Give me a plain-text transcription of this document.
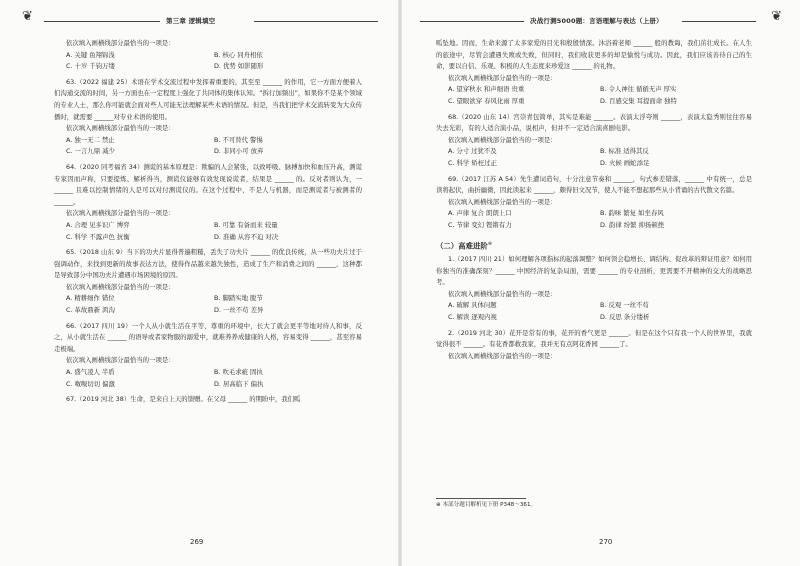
第三章 逻辑填空
❦

依次填入画横线部分最恰当的一项是：

A. 关键 鱼翔锦浅	B. 核心 同舟相依
C. 十岁 千钧万缕	D. 优势 如影随形

63.（2022 福建 25）术语在学术交流过程中发挥着重要的，其至至 ______ 的作用，它一方面方便着人们沟通交流的时间，另一方面也在一定程度上强化了共同体的集体认知。“拆行加频出”，如果你不是某个领域的专业人士，那么你可能就会面对些人可能无法理解某些术语的情况。但是，当我们把学术交流转变为大众传播时，就需要 ______对专业术语的使用。

依次填入画横线部分最恰当的一项是：

A. 独一无二 禁止	B. 不可替代 警惕
C. 一言九鼎 减少	D. 非同小可 放弃

64.（2020 同考福省 34）测谎的基本原理是：欺骗的人会紧张，以致呼吸、脉搏加快和血压升高，测谎专家因而声称，只要提炼、解析得当，测谎仪能够有效发现说谎者，结果是 ______ 的。反对者则认为，一 ______ 且难以控制情绪的人是可以对付测谎仪的。在这个过程中，不是人与机器，而是测谎者与被测者的 ______。

依次填入画横线部分最恰当的一项是：

A. 合理 见多识广 博弈	B. 可靠 有备而来 较量
C. 科学 不露声色 抗衡	D. 准确 从容不迫 对决

65.（2018 山东 9）当下的功夫片显得普遍粗糙，丢失了功夫片 ______ 的优良传统，从一些功夫片过于强调动作，来找到更新的故事表达方法，使得作品越来越失独性，造成了生产和消费之间的 ______，这种都是导致部分中国功夫片遭遇市场困境的原因。

依次填入画横线部分最恰当的一项是：

A. 精耕细作 错位	B. 脚踏实地 脱节
C. 革故鼎新 鸿沟	D. 一丝不苟 差异

66.（2017 四川 19）一个人从小就生活在平等、尊重的环境中，长大了就会更平等地对待人和事，反之，从小就生活在 ______ 的语导或者家物服的溺爱中，就难养养成健康的人格，容易变得 ______，甚至容易走极端。

依次填入画横线部分最恰当的一项是：

A. 盛气凌人 半盾	B. 吹毛求疵 固执
C. 呶呶切切 偏激	D. 居高临下 偏执

67.（2019 河北 38）生命，是来自上天的馈赠。在父母 ______ 的期盼中，我们呱

269
决战行测5000题：言语理解与表达（上册）	❦

呱坠地。因而，生命来源了太多家爱的目光和殷殷情深。沐浴着老师 ______ 般的教诲，我们茁壮成长。在人生的旅途中，尽管会遭遇失败或失败，但同时，我们收获更多的却是愉悦与成功。因此，我们应该善待自己的生命，要以自信、乐观、积极的人生态度来珍爱这 ______ 的礼物。

依次填入画横线部分最恰当的一项是：

A. 望穿秋水 和声细语 贵重	B. 令人神往 循循无声 厚实
C. 望眼欲穿 春风化雨 厚重	D. 百感交集 耳提面命 独特

68.（2020 山东 14）宫崇青包简单，其实是难能 ______。表演太浮夸则 ______，表演太隐秀则往往容易失去光彩，有的人适合演小品，说相声，但并不一定适合演喜剧电影。

依次填入画横线部分最恰当的一项是：

A. 分寸 过犹不及	B. 标准 适得其反
C. 科学 矫枉过正	D. 火候 画蛇添足

69.（2017 江苏 A 54）先生遭词造句，十分注意节奏和 ______，句式参差错落，______ 中有统一，总是读将起伏，曲折幽微，因此读起来 ______，颇得旧文况节，使人不能不想起那些从小背诵的古代散文名篇。

依次填入画横线部分最恰当的一项是：

A. 声律 复合 朗朗上口	B. 韵味 繁复 如坐春风
C. 节律 变幻 铿锵有力	D. 韵律 纷繁 抑扬顿挫
（二）高难进阶®

1.（2017 四川 21）如何理解各项指标的起落调整？如何领会稳增长、调结构、促改革的辩证用意？如何用你独当的准确深刻？______ 中国经济的复杂局面，需要 ______ 的专业剖析，更需要不开精神的交大的战略思考。

依次填入画横线部分最恰当的一项是：

A. 破解 具体问题	B. 反观 一丝不苟
C. 解读 逐观内视	D. 反思 条分缕析

2.（2019 河北 30）花开是常有的事，花开的香气更是 ______。但是在这个只有我一个人的世界里，我就觉得很不 ______。有花香都救我家，我并无有点阿花香园 ______了。

依次填入画横线部分最恰当的一项是：

⊕ 本部分题目解析见下册 P348～361。
270
